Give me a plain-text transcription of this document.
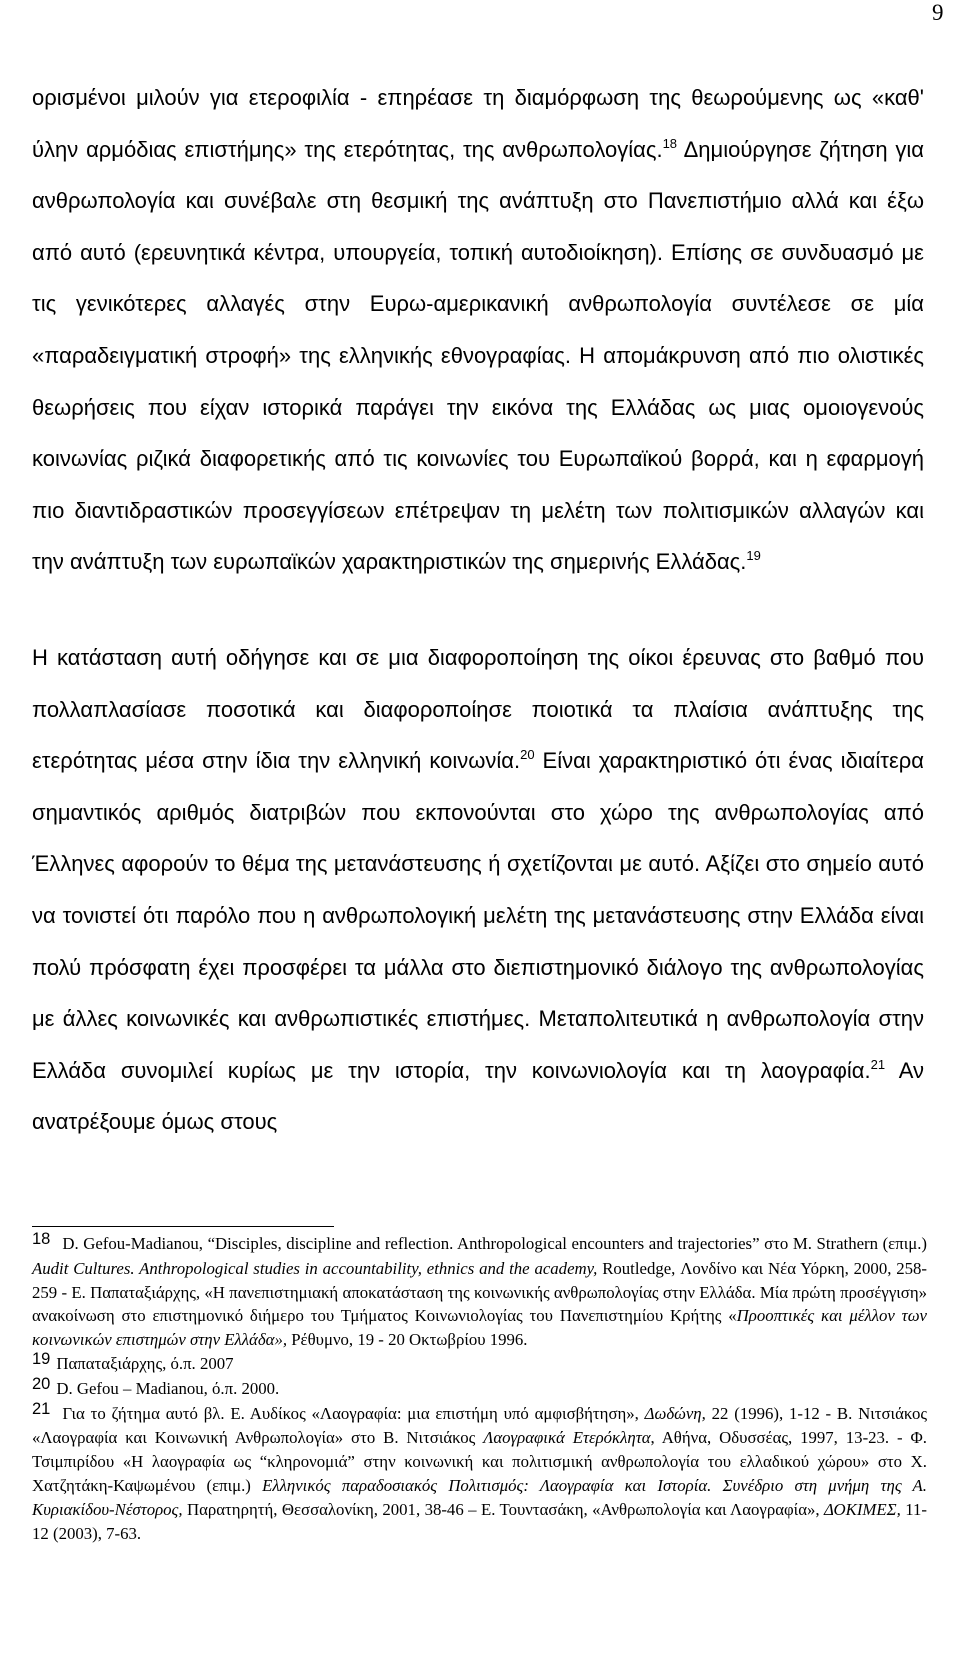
9
ορισμένοι μιλούν για ετεροφιλία - επηρέασε τη διαμόρφωση της θεωρούμενης ως «καθ' ύλην αρμόδιας επιστήμης» της ετερότητας, της ανθρωπολογίας.$^{18}$ Δημιούργησε ζήτηση για ανθρωπολογία και συνέβαλε στη θεσμική της ανάπτυξη στο Πανεπιστήμιο αλλά και έξω από αυτό (ερευνητικά κέντρα, υπουργεία, τοπική αυτοδιοίκηση). Επίσης σε συνδυασμό με τις γενικότερες αλλαγές στην Ευρω-αμερικανική ανθρωπολογία συντέλεσε σε μία «παραδειγματική στροφή» της ελληνικής εθνογραφίας. Η απομάκρυνση από πιο ολιστικές θεωρήσεις που είχαν ιστορικά παράγει την εικόνα της Ελλάδας ως μιας ομοιογενούς κοινωνίας ριζικά διαφορετικής από τις κοινωνίες του Ευρωπαϊκού βορρά, και η εφαρμογή πιο διαντιδραστικών προσεγγίσεων επέτρεψαν τη μελέτη των πολιτισμικών αλλαγών και την ανάπτυξη των ευρωπαϊκών χαρακτηριστικών της σημερινής Ελλάδας.$^{19}$
Η κατάσταση αυτή οδήγησε και σε μια διαφοροποίηση της οίκοι έρευνας στο βαθμό που πολλαπλασίασε ποσοτικά και διαφοροποίησε ποιοτικά τα πλαίσια ανάπτυξης της ετερότητας μέσα στην ίδια την ελληνική κοινωνία.$^{20}$ Είναι χαρακτηριστικό ότι ένας ιδιαίτερα σημαντικός αριθμός διατριβών που εκπονούνται στο χώρο της ανθρωπολογίας από Έλληνες αφορούν το θέμα της μετανάστευσης ή σχετίζονται με αυτό. Αξίζει στο σημείο αυτό να τονιστεί ότι παρόλο που η ανθρωπολογική μελέτη της μετανάστευσης στην Ελλάδα είναι πολύ πρόσφατη έχει προσφέρει τα μάλλα στο διεπιστημονικό διάλογο της ανθρωπολογίας με άλλες κοινωνικές και ανθρωπιστικές επιστήμες. Μεταπολιτευτικά η ανθρωπολογία στην Ελλάδα συνομιλεί κυρίως με την ιστορία, την κοινωνιολογία και τη λαογραφία.$^{21}$ Αν ανατρέξουμε όμως στους

18 D. Gefou-Madianou, “Disciples, discipline and reflection. Anthropological encounters and trajectories” στο M. Strathern (επιμ.) Audit Cultures. Anthropological studies in accountability, ethnics and the academy, Routledge, Λονδίνο και Νέα Υόρκη, 2000, 258-259 - Ε. Παπαταξιάρχης, «Η πανεπιστημιακή αποκατάσταση της κοινωνικής ανθρωπολογίας στην Ελλάδα. Μία πρώτη προσέγγιση» ανακοίνωση στο επιστημονικό διήμερο του Τμήματος Κοινωνιολογίας του Πανεπιστημίου Κρήτης «Προοπτικές και μέλλον των κοινωνικών επιστημών στην Ελλάδα», Ρέθυμνο, 19 - 20 Οκτωβρίου 1996.

19 Παπαταξιάρχης, ό.π. 2007

20 D. Gefou – Madianou, ό.π. 2000.

21 Για το ζήτημα αυτό βλ. Ε. Αυδίκος «Λαογραφία: μια επιστήμη υπό αμφισβήτηση», Δωδώνη, 22 (1996), 1-12 - Β. Νιτσιάκος «Λαογραφία και Κοινωνική Ανθρωπολογία» στο Β. Νιτσιάκος Λαογραφικά Ετερόκλητα, Αθήνα, Οδυσσέας, 1997, 13-23. - Φ. Τσιμπιρίδου «Η λαογραφία ως “κληρονομιά” στην κοινωνική και πολιτισμική ανθρωπολογία του ελλαδικού χώρου» στο Χ. Χατζητάκη-Καψωμένου (επιμ.) Ελληνικός παραδοσιακός Πολιτισμός: Λαογραφία και Ιστορία. Συνέδριο στη μνήμη της Α. Κυριακίδου-Νέστορος, Παρατηρητή, Θεσσαλονίκη, 2001, 38-46 – Ε. Τουντασάκη, «Ανθρωπολογία και Λαογραφία», ΔΟΚΙΜΕΣ, 11-12 (2003), 7-63.
